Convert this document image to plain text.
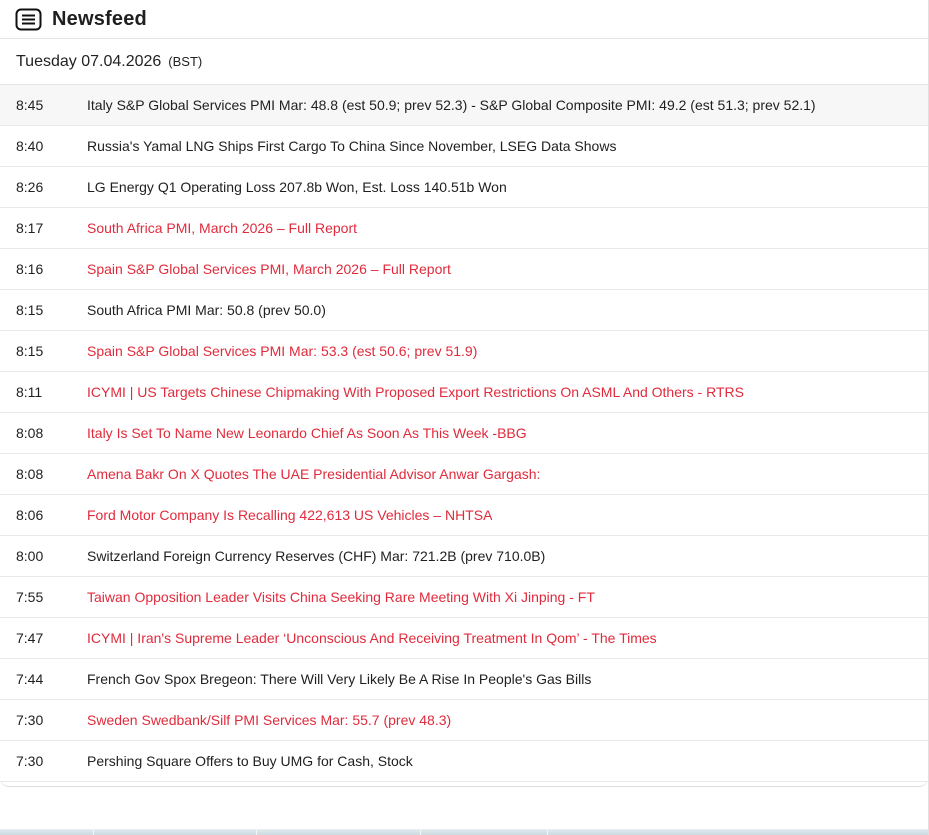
Newsfeed
Tuesday 07.04.2026 (BST)
8:45	Italy S&P Global Services PMI Mar: 48.8 (est 50.9; prev 52.3) - S&P Global Composite PMI: 49.2 (est 51.3; prev 52.1)
8:40	Russia's Yamal LNG Ships First Cargo To China Since November, LSEG Data Shows
8:26	LG Energy Q1 Operating Loss 207.8b Won, Est. Loss 140.51b Won
8:17	South Africa PMI, March 2026 – Full Report
8:16	Spain S&P Global Services PMI, March 2026 – Full Report
8:15	South Africa PMI Mar: 50.8 (prev 50.0)
8:15	Spain S&P Global Services PMI Mar: 53.3 (est 50.6; prev 51.9)
8:11	ICYMI | US Targets Chinese Chipmaking With Proposed Export Restrictions On ASML And Others - RTRS
8:08	Italy Is Set To Name New Leonardo Chief As Soon As This Week -BBG
8:08	Amena Bakr On X Quotes The UAE Presidential Advisor Anwar Gargash:
8:06	Ford Motor Company Is Recalling 422,613 US Vehicles – NHTSA
8:00	Switzerland Foreign Currency Reserves (CHF) Mar: 721.2B (prev 710.0B)
7:55	Taiwan Opposition Leader Visits China Seeking Rare Meeting With Xi Jinping - FT
7:47	ICYMI | Iran's Supreme Leader ‘Unconscious And Receiving Treatment In Qom’ - The Times
7:44	French Gov Spox Bregeon: There Will Very Likely Be A Rise In People's Gas Bills
7:30	Sweden Swedbank/Silf PMI Services Mar: 55.7 (prev 48.3)
7:30	Pershing Square Offers to Buy UMG for Cash, Stock
